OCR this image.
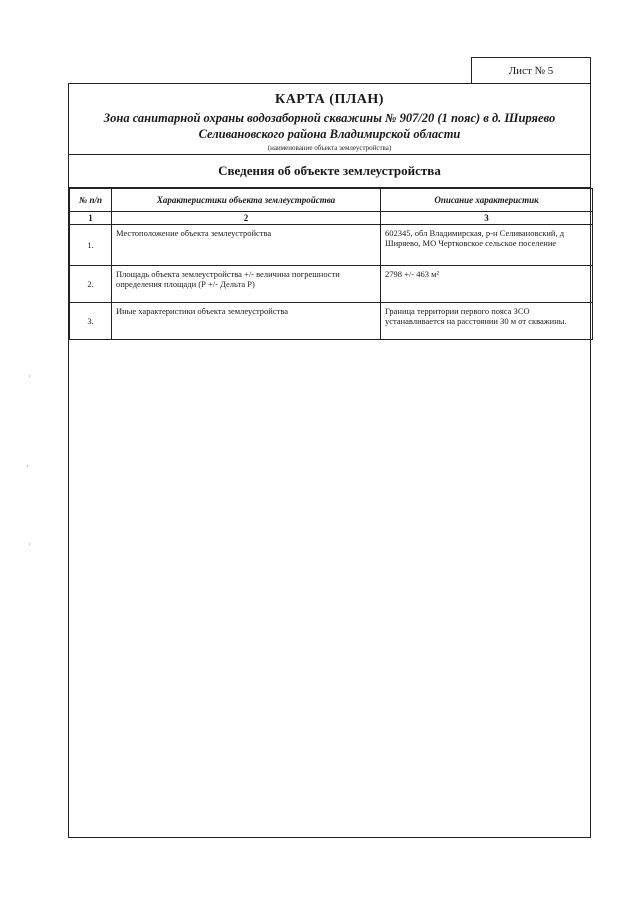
Лист № 5
КАРТА (ПЛАН)
Зона санитарной охраны водозаборной скважины № 907/20 (1 пояс) в д. Ширяево Селивановского района Владимирской области
(наименование объекта землеустройства)
Сведения об объекте землеустройства
№ п/п	Характеристики объекта землеустройства	Описание характеристик
1	2	3
1.	Местоположение объекта землеустройства	602345, обл Владимирская, р-н Селивановский, д Ширяево, МО Чертковское сельское поселение
2.	Площадь объекта землеустройства +/- величина погрешности определения площади (Р +/- Дельта Р)	2798 +/- 463 м²
3.	Иные характеристики объекта землеустройства	Граница территории первого пояса ЗСО устанавливается на расстоянии 30 м от скважины.
·
·
·
